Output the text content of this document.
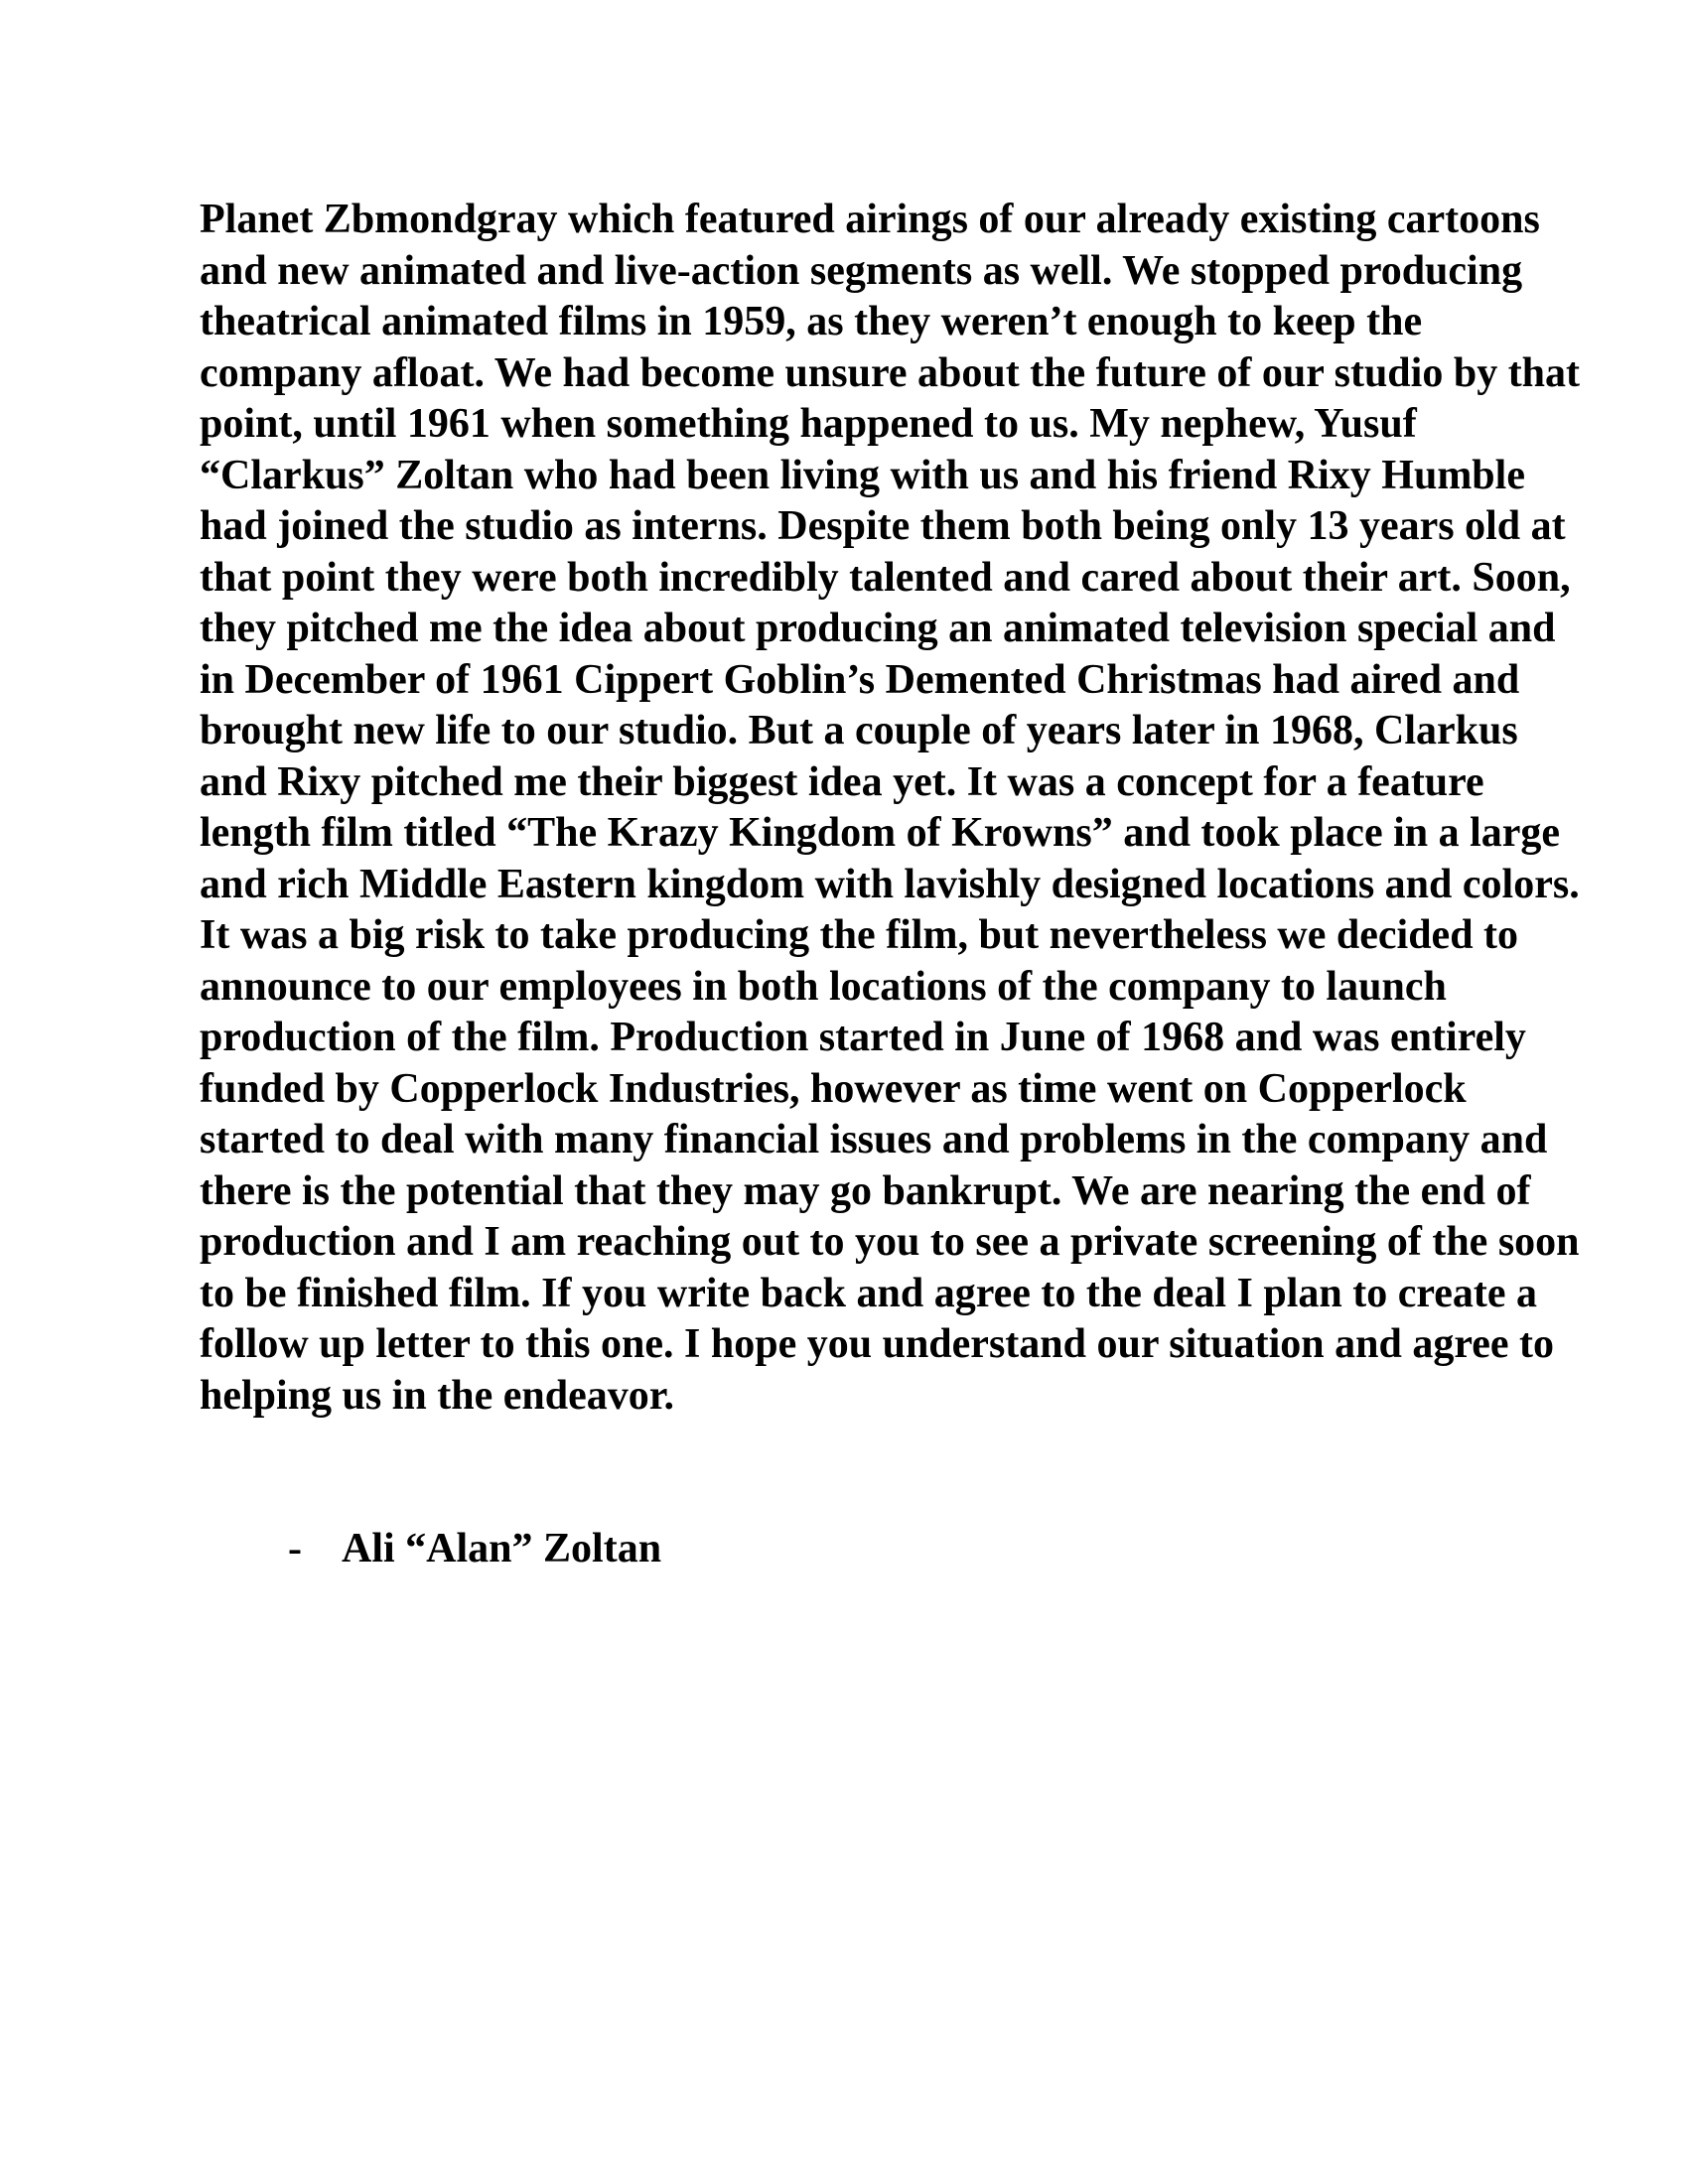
Planet Zbmondgray which featured airings of our already existing cartoons
and new animated and live-action segments as well. We stopped producing
theatrical animated films in 1959, as they weren’t enough to keep the
company afloat. We had become unsure about the future of our studio by that
point, until 1961 when something happened to us. My nephew, Yusuf
“Clarkus” Zoltan who had been living with us and his friend Rixy Humble
had joined the studio as interns. Despite them both being only 13 years old at
that point they were both incredibly talented and cared about their art. Soon,
they pitched me the idea about producing an animated television special and
in December of 1961 Cippert Goblin’s Demented Christmas had aired and
brought new life to our studio. But a couple of years later in 1968, Clarkus
and Rixy pitched me their biggest idea yet. It was a concept for a feature
length film titled “The Krazy Kingdom of Krowns” and took place in a large
and rich Middle Eastern kingdom with lavishly designed locations and colors.
It was a big risk to take producing the film, but nevertheless we decided to
announce to our employees in both locations of the company to launch
production of the film. Production started in June of 1968 and was entirely
funded by Copperlock Industries, however as time went on Copperlock
started to deal with many financial issues and problems in the company and
there is the potential that they may go bankrupt. We are nearing the end of
production and I am reaching out to you to see a private screening of the soon
to be finished film. If you write back and agree to the deal I plan to create a
follow up letter to this one. I hope you understand our situation and agree to
helping us in the endeavor.

- Ali “Alan” Zoltan
